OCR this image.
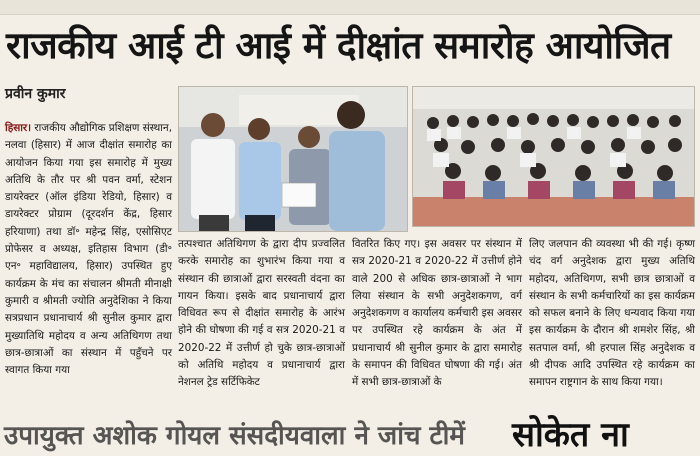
राजकीय आई टी आई में दीक्षांत समारोह आयोजित
प्रवीन कुमार

हिसार। राजकीय औद्योगिक प्रशिक्षण संस्थान, नलवा (हिसार) में आज दीक्षांत समारोह का आयोजन किया गया इस समारोह में मुख्य अतिथि के तौर पर श्री पवन वर्मा, स्टेशन डायरेक्टर (ऑल इंडिया रेडियो, हिसार) व डायरेक्टर प्रोग्राम (दूरदर्शन केंद्र, हिसार हरियाणा) तथा डॉ॰ महेन्द्र सिंह, एसोसिएट प्रोफेसर व अध्यक्ष, इतिहास विभाग (डी॰ एन॰ महाविद्यालय, हिसार) उपस्थित हुए कार्यक्रम के मंच का संचालन श्रीमती मीनाक्षी कुमारी व श्रीमती ज्योति अनुदेशिका ने किया सत्रप्रधान प्रधानाचार्य श्री सुनील कुमार द्वारा मुख्यातिथि महोदय व अन्य अतिथिगण तथा छात्र-छात्राओं का संस्थान में पहुँचने पर स्वागत किया गया

तत्पश्चात अतिथिगण के द्वारा दीप प्रज्वलित करके समारोह का शुभारंभ किया गया व संस्थान की छात्राओं द्वारा सरस्वती वंदना का गायन किया। इसके बाद प्रधानाचार्य द्वारा विधिवत रूप से दीक्षांत समारोह के आरंभ होने की घोषणा की गई व सत्र 2020-21 व 2020-22 में उत्तीर्ण हो चुके छात्र-छात्राओं को अतिथि महोदय व प्रधानाचार्य द्वारा नेशनल ट्रेड सर्टिफिकेट

वितरित किए गए। इस अवसर पर संस्थान में सत्र 2020-21 व 2020-22 में उत्तीर्ण होने वाले 200 से अधिक छात्र-छात्राओं ने भाग लिया संस्थान के सभी अनुदेशकगण, वर्ग अनुदेशकगण व कार्यालय कर्मचारी इस अवसर पर उपस्थित रहे कार्यक्रम के अंत में प्रधानाचार्य श्री सुनील कुमार के द्वारा समारोह के समापन की विधिवत घोषणा की गई। अंत में सभी छात्र-छात्राओं के

लिए जलपान की व्यवस्था भी की गई। कृष्ण चंद वर्ग अनुदेशक द्वारा मुख्य अतिथि महोदय, अतिथिगण, सभी छात्र छात्राओं व संस्थान के सभी कर्मचारियों का इस कार्यक्रम को सफल बनाने के लिए धन्यवाद किया गया इस कार्यक्रम के दौरान श्री शमशेर सिंह, श्री सतपाल वर्मा, श्री हरपाल सिंह अनुदेशक व श्री दीपक आदि उपस्थित रहे कार्यक्रम का समापन राष्ट्रगान के साथ किया गया।

उपायुक्त अशोक गोयल संसदीयवाला ने जांच टीमें सोकेत ना
